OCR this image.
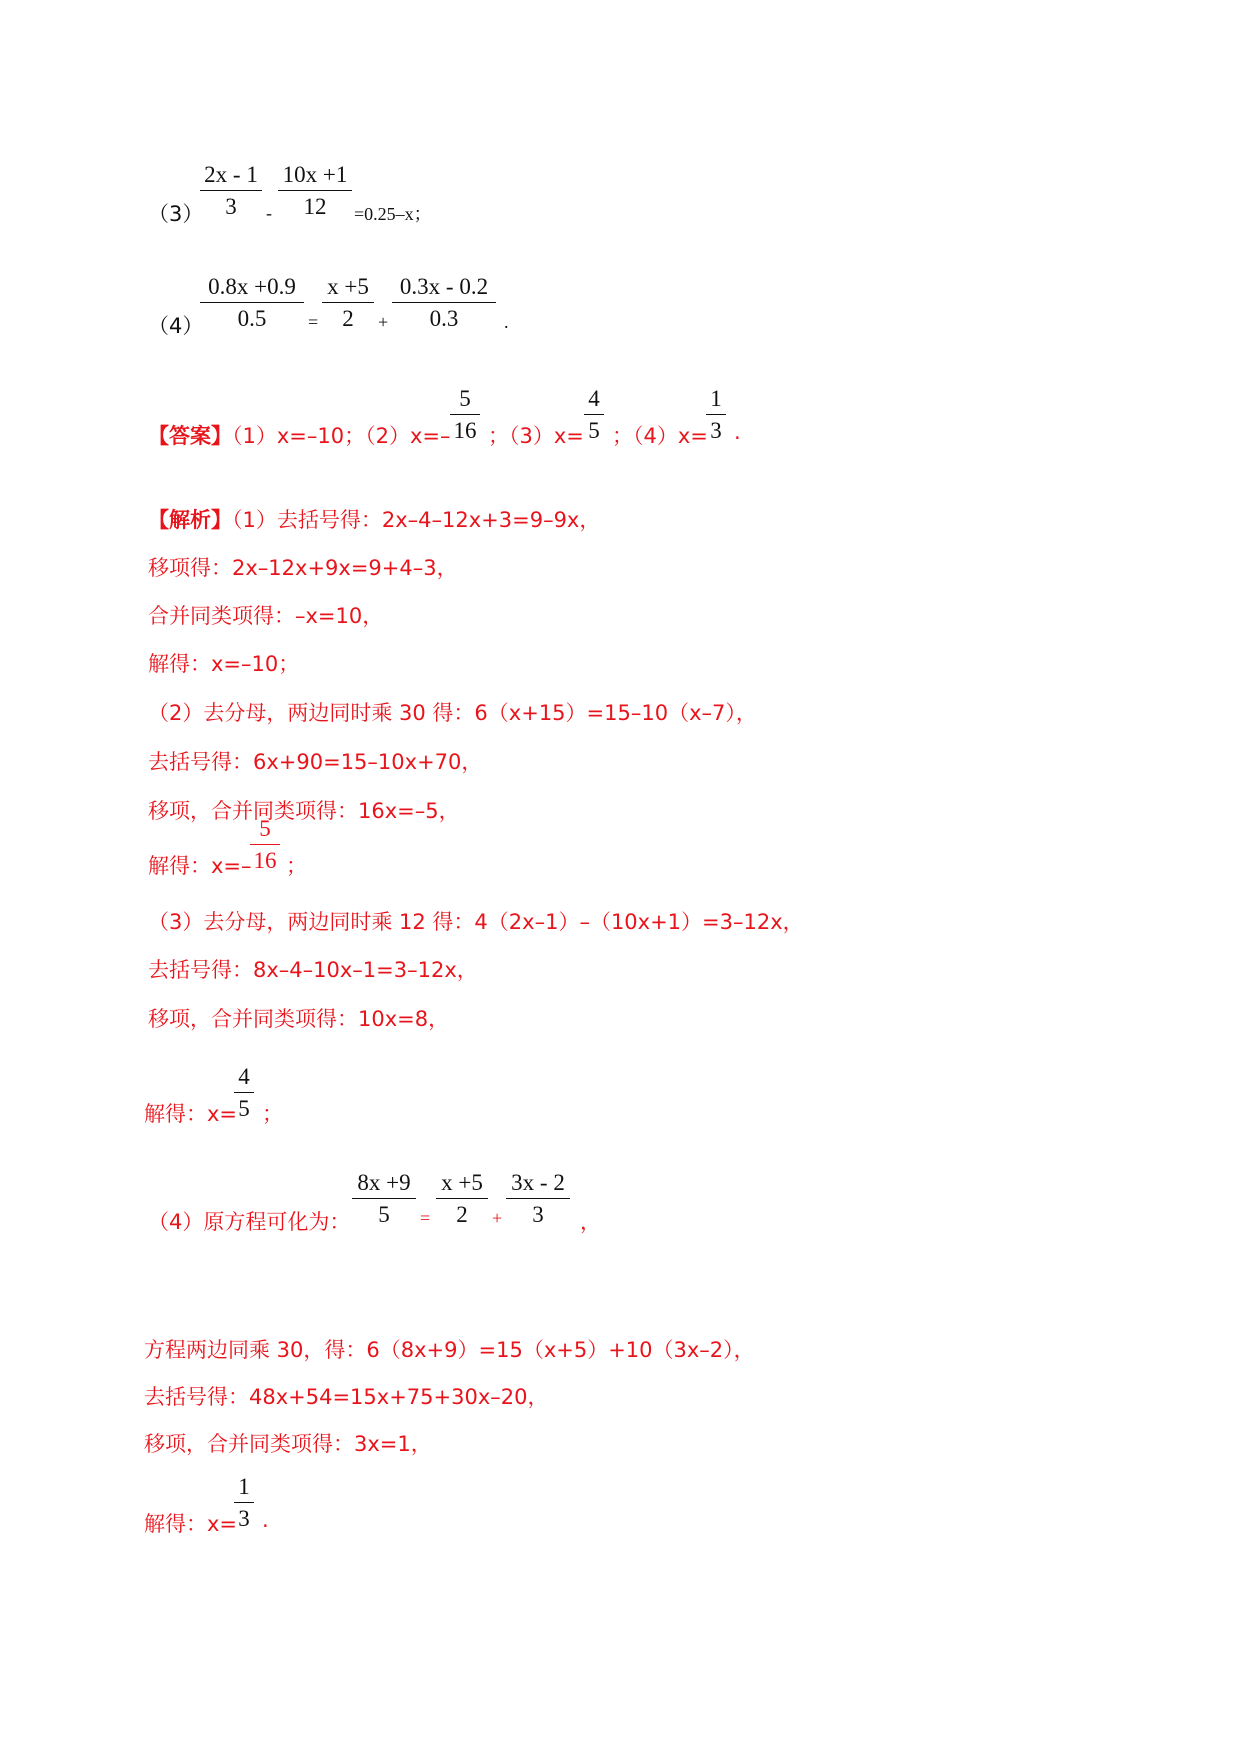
（3）
$\frac{2x - 1}{3} - \frac{10x +1}{12} =0.25-x$；
（4）
$\frac{0.8x +0.9}{0.5} = \frac{x +5}{2} + \frac{0.3x - 0.2}{0.3}$ .
【答案】（1）x=–10；$(2)x=- \frac{5}{16}$ ；$(3)x= \frac{4}{5}$ ；（4）x=
$\frac{1}{3}$ .
【解析】（1）去括号得：2x–4–12x+3=9–9x，
移项得：2x–12x+9x=9+4–3，
合并同类项得：–x=10，
解得：x=–10；
（2）去分母，两边同时乘 30 得：6（x+15）=15–10（x–7），
去括号得：6x+90=15–10x+70，
移项，合并同类项得：16x=–5，
解得：x=–
$\frac{5}{16}$ ；
（3）去分母，两边同时乘 12 得：4（2x–1）–（10x+1）=3–12x，
去括号得：8x–4–10x–1=3–12x，
移项，合并同类项得：10x=8，
解得：x=
$\frac{4}{5}$ ；
（4）原方程可化为： $\frac{8x +9}{5} = \frac{x +5}{2} + \frac{3x - 2}{3}$ ，
方程两边同乘 30，得：6（8x+9）=15（x+5）+10（3x–2），
去括号得：48x+54=15x+75+30x–20，
移项，合并同类项得：3x=1，
解得：x=
$\frac{1}{3}$ .
